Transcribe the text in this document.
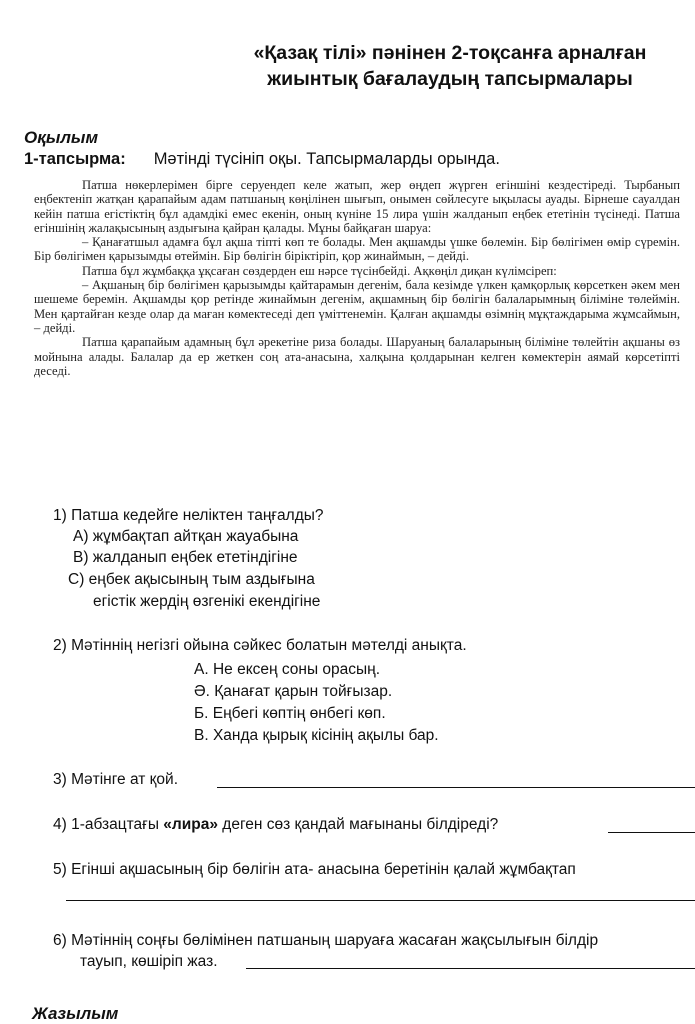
«Қазақ тілі» пәнінен 2-тоқсанға арналған
жиынтық бағалаудың тапсырмалары
Оқылым
1-тапсырма: Мәтінді түсініп оқы. Тапсырмаларды орында.

Патша нөкерлерімен бірге серуендеп келе жатып, жер өңдеп жүрген егіншіні кездестіреді. Тырбанып еңбектеніп жатқан қарапайым адам патшаның көңілінен шығып, онымен сөйлесуге ықыласы ауады. Бірнеше сауалдан кейін патша егістіктің бұл адамдікі емес екенін, оның күніне 15 лира үшін жалданып еңбек ететінін түсінеді. Патша егіншінің жалақысының аздығына қайран қалады. Мұны байқаған шаруа:

– Қанағатшыл адамға бұл ақша тіпті көп те болады. Мен ақшамды үшке бөлемін. Бір бөлігімен өмір сүремін. Бір бөлігімен қарызымды өтеймін. Бір бөлігін біріктіріп, қор жинаймын, – дейді.

Патша бұл жұмбаққа ұқсаған сөздерден еш нәрсе түсінбейді. Ақкөңіл диқан күлімсіреп:

– Ақшаның бір бөлігімен қарызымды қайтарамын дегенім, бала кезімде үлкен қамқорлық көрсеткен әкем мен шешеме беремін. Ақшамды қор ретінде жинаймын дегенім, ақшамның бір бөлігін балаларымның біліміне төлеймін. Мен қартайған кезде олар да маған көмектеседі деп үміттенемін. Қалған ақшамды өзімнің мұқтаждарыма жұмсаймын, – дейді.

Патша қарапайым адамның бұл әрекетіне риза болады. Шаруаның балаларының біліміне төлейтін ақшаны өз мойнына алады. Балалар да ер жеткен соң ата-анасына, халқына қолдарынан келген көмектерін аямай көрсетіпті деседі.

1) Патша кедейге неліктен таңғалды?
А) жұмбақтап айтқан жауабына
В) жалданып еңбек ететіндігіне
С) еңбек ақысының тым аздығына
егістік жердің өзгенікі екендігіне
2) Мәтіннің негізгі ойына сәйкес болатын мәтелді анықта.
А. Не ексең соны орасың.
Ә. Қанағат қарын тойғызар.
Б. Еңбегі көптің өнбегі көп.
В. Ханда қырық кісінің ақылы бар.
3) Мәтінге ат қой.
4) 1-абзацтағы «лира» деген сөз қандай мағынаны білдіреді?
5) Егінші ақшасының бір бөлігін ата- анасына беретінін қалай жұмбақтап
6) Мәтіннің соңғы бөлімінен патшаның шаруаға жасаған жақсылығын білдір
тауып, көшіріп жаз.
Жазылым
